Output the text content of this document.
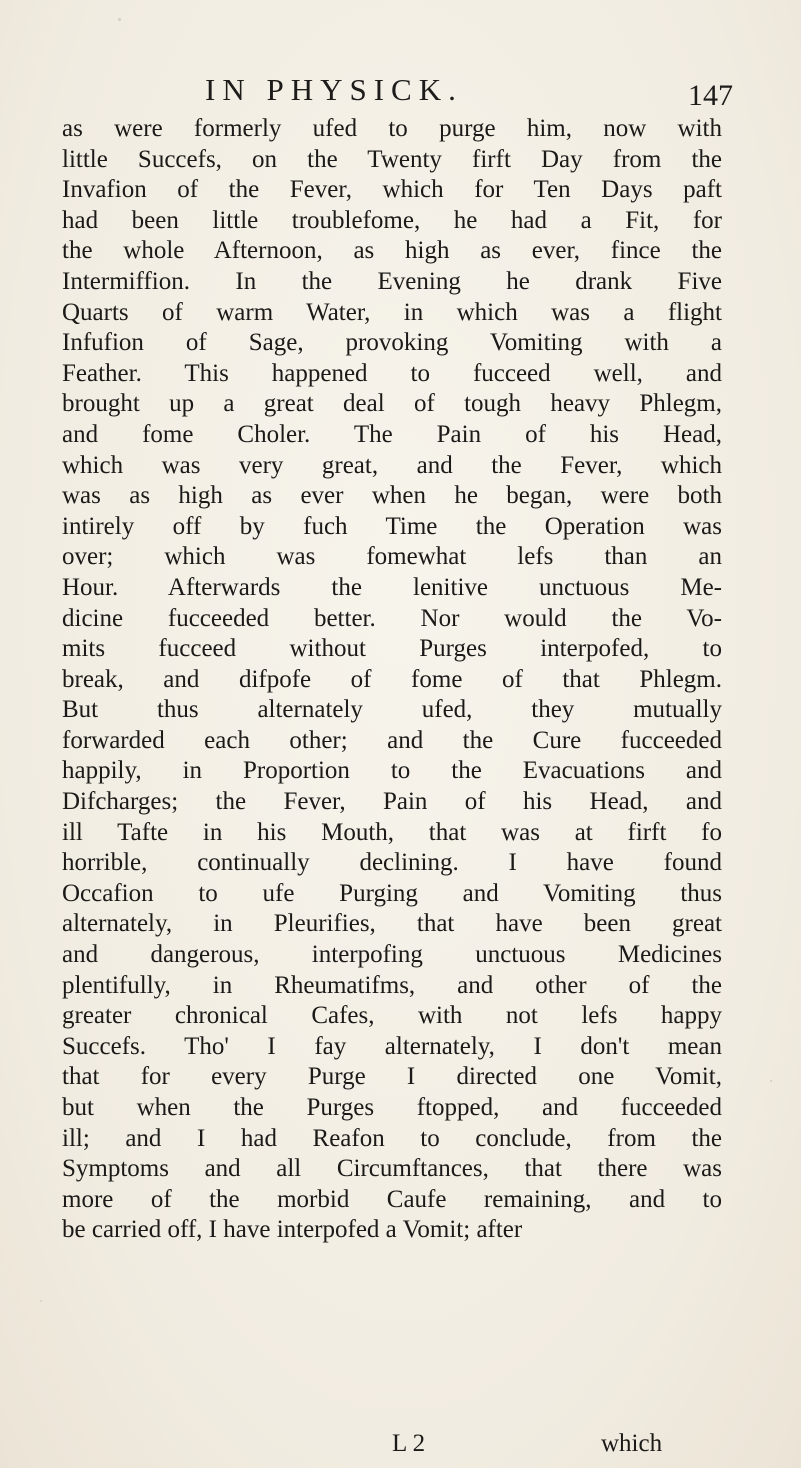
IN PHYSICK.	147
as were formerly ufed to purge him, now with
little Succefs, on the Twenty firft Day from the
Invafion of the Fever, which for Ten Days paft
had been little troublefome, he had a Fit, for
the whole Afternoon, as high as ever, fince the
Intermiffion. In the Evening he drank Five
Quarts of warm Water, in which was a flight
Infufion of Sage, provoking Vomiting with a
Feather. This happened to fucceed well, and
brought up a great deal of tough heavy Phlegm,
and fome Choler. The Pain of his Head,
which was very great, and the Fever, which
was as high as ever when he began, were both
intirely off by fuch Time the Operation was
over; which was fomewhat lefs than an
Hour. Afterwards the lenitive unctuous Me-
dicine fucceeded better. Nor would the Vo-
mits fucceed without Purges interpofed, to
break, and difpofe of fome of that Phlegm.
But thus alternately ufed, they mutually
forwarded each other; and the Cure fucceeded
happily, in Proportion to the Evacuations and
Difcharges; the Fever, Pain of his Head, and
ill Tafte in his Mouth, that was at firft fo
horrible, continually declining. I have found
Occafion to ufe Purging and Vomiting thus
alternately, in Pleurifies, that have been great
and dangerous, interpofing unctuous Medicines
plentifully, in Rheumatifms, and other of the
greater chronical Cafes, with not lefs happy
Succefs. Tho' I fay alternately, I don't mean
that for every Purge I directed one Vomit,
but when the Purges ftopped, and fucceeded
ill; and I had Reafon to conclude, from the
Symptoms and all Circumftances, that there was
more of the morbid Caufe remaining, and to
be carried off, I have interpofed a Vomit; after
L 2	which
